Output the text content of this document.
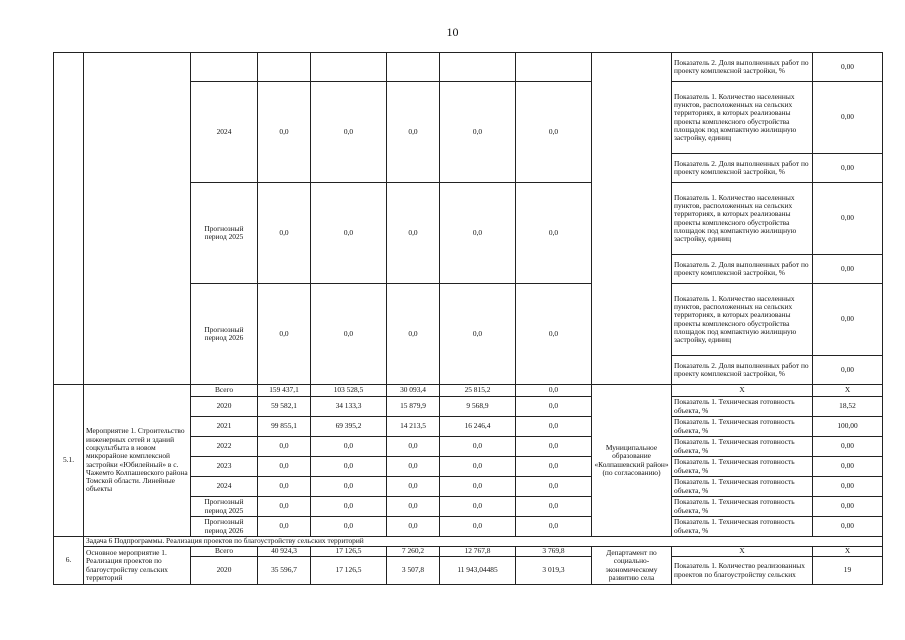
10
									Показатель 2. Доля выполненных работ по проекту комплексной застройки, %	0,00
		2024	0,0	0,0	0,0	0,0	0,0		Показатель 1. Количество населенных пунктов, расположенных на сельских территориях, в которых реализованы проекты комплексного обустройства площадок под компактную жилищную застройку, единиц	0,00
									Показатель 2. Доля выполненных работ по проекту комплексной застройки, %	0,00
		Прогнозный период 2025	0,0	0,0	0,0	0,0	0,0		Показатель 1. Количество населенных пунктов, расположенных на сельских территориях, в которых реализованы проекты комплексного обустройства площадок под компактную жилищную застройку, единиц	0,00
									Показатель 2. Доля выполненных работ по проекту комплексной застройки, %	0,00
		Прогнозный период 2026	0,0	0,0	0,0	0,0	0,0		Показатель 1. Количество населенных пунктов, расположенных на сельских территориях, в которых реализованы проекты комплексного обустройства площадок под компактную жилищную застройку, единиц	0,00
									Показатель 2. Доля выполненных работ по проекту комплексной застройки, %	0,00
5.1.	Мероприятие 1. Строительство инженерных сетей и зданий соцкультбыта в новом микрорайоне комплексной застройки «Юбилейный» в с. Чажемто Колпашевского района Томской области. Линейные объекты	Всего	159 437,1	103 528,5	30 093,4	25 815,2	0,0	Муниципальное образование «Колпашевский район» (по согласованию)	X	X
		2020	59 582,1	34 133,3	15 879,9	9 568,9	0,0		Показатель 1. Техническая готовность объекта, %	18,52
		2021	99 855,1	69 395,2	14 213,5	16 246,4	0,0		Показатель 1. Техническая готовность объекта, %	100,00
		2022	0,0	0,0	0,0	0,0	0,0		Показатель 1. Техническая готовность объекта, %	0,00
		2023	0,0	0,0	0,0	0,0	0,0		Показатель 1. Техническая готовность объекта, %	0,00
		2024	0,0	0,0	0,0	0,0	0,0		Показатель 1. Техническая готовность объекта, %	0,00
		Прогнозный период 2025	0,0	0,0	0,0	0,0	0,0		Показатель 1. Техническая готовность объекта, %	0,00
		Прогнозный период 2026	0,0	0,0	0,0	0,0	0,0		Показатель 1. Техническая готовность объекта, %	0,00
6.	Задача 6 Подпрограммы. Реализация проектов по благоустройству сельских территорий									
	Основное мероприятие 1. Реализация проектов по благоустройству сельских территорий	Всего	40 924,3	17 126,5	7 260,2	12 767,8	3 769,8	Департамент по социально-экономическому развитию села	X	X
		2020	35 596,7	17 126,5	3 507,8	11 943,04485	3 019,3		Показатель 1. Количество реализованных проектов по благоустройству сельских	19
